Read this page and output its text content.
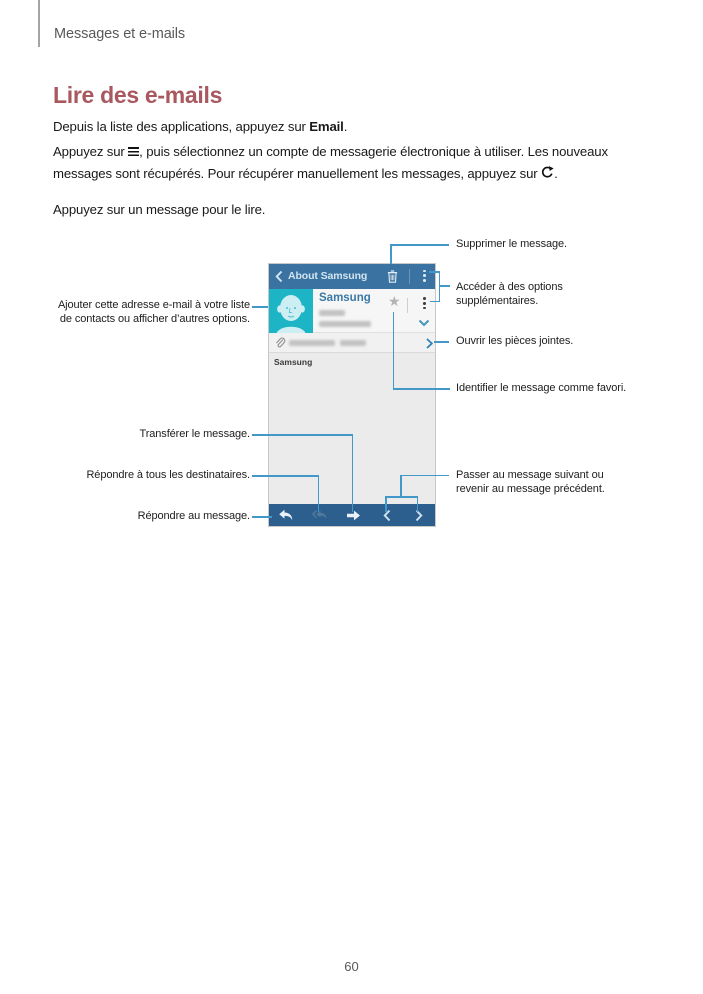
Messages et e-mails
Lire des e-mails

Depuis la liste des applications, appuyez sur Email.

Appuyez sur , puis sélectionnez un compte de messagerie électronique à utiliser. Les nouveaux messages sont récupérés. Pour récupérer manuellement les messages, appuyez sur .

Appuyez sur un message pour le lire.

About Samsung
Samsung ★
Samsung
Supprimer le message.
Accéder à des options supplémentaires.
Ouvrir les pièces jointes.
Identifier le message comme favori.
Passer au message suivant ou revenir au message précédent.
Ajouter cette adresse e-mail à votre liste de contacts ou afficher d’autres options.
Transférer le message.
Répondre à tous les destinataires.
Répondre au message.
60
